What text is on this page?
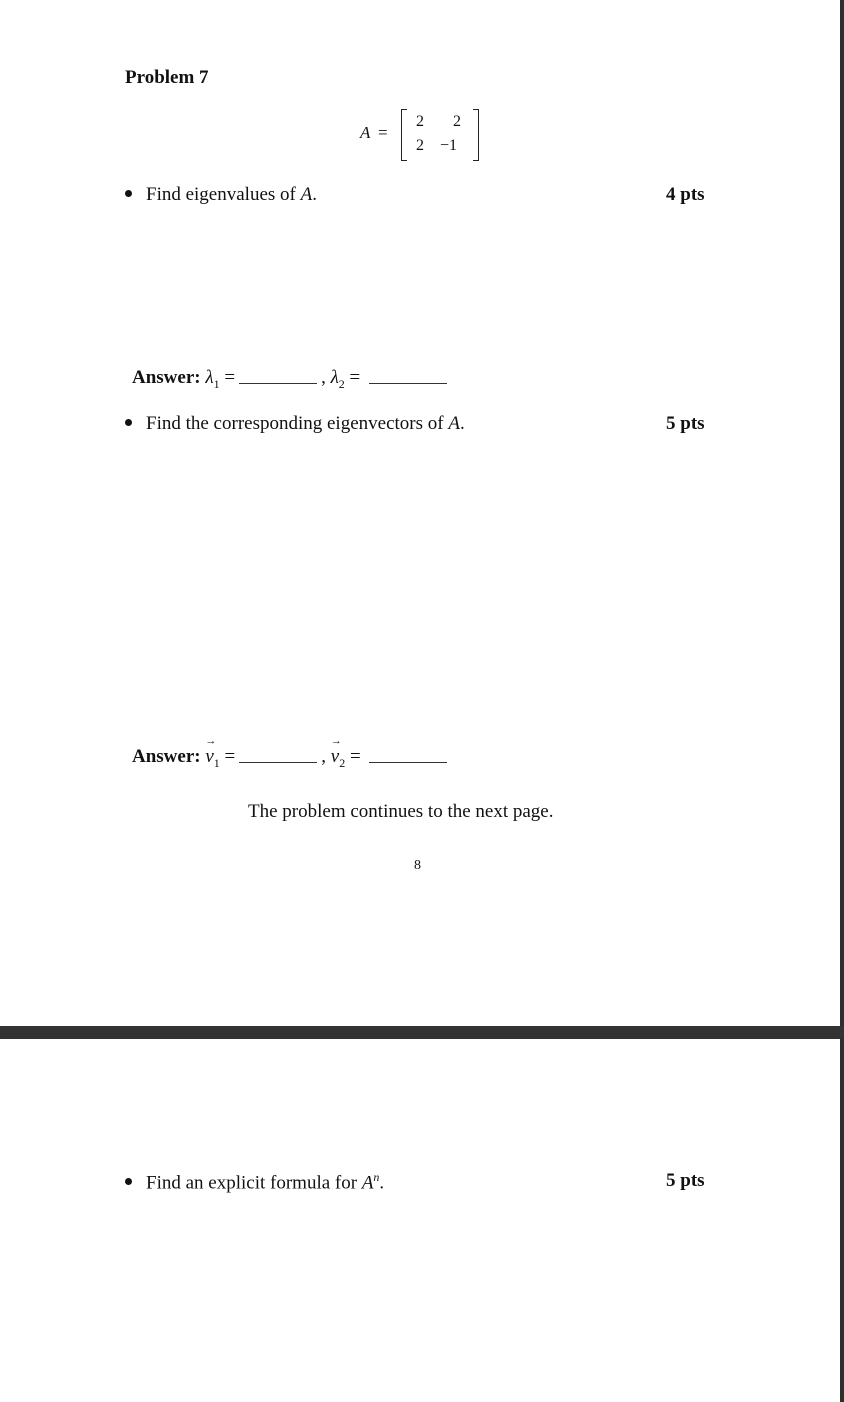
Problem 7
A =
2 2
2 −1
Find eigenvalues of A.	4 pts
Answer: $\lambda_1$ =	, $\lambda_2$ =
Find the corresponding eigenvectors of A.	5 pts
Answer: → $v_1$ =	, → $v_2$ =
The problem continues to the next page.
8
Find an explicit formula for $A^n$.	5 pts
